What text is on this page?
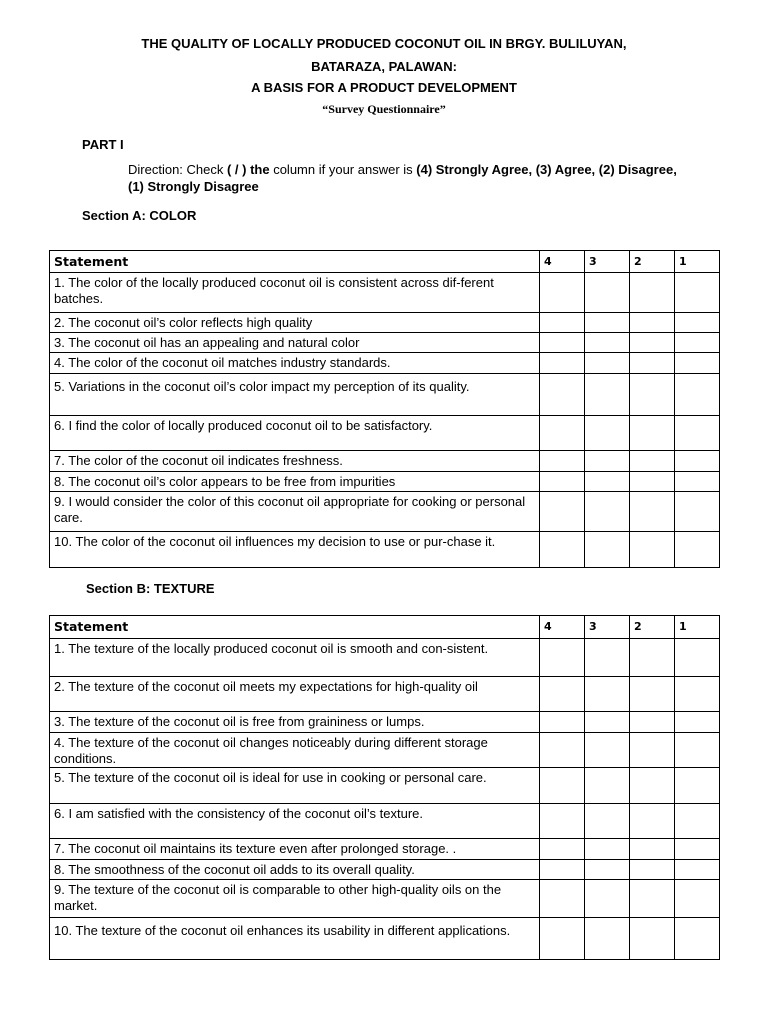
THE QUALITY OF LOCALLY PRODUCED COCONUT OIL IN BRGY. BULILUYAN,
BATARAZA, PALAWAN:
A BASIS FOR A PRODUCT DEVELOPMENT
“Survey Questionnaire”
PART I
Direction: Check ( / ) the column if your answer is (4) Strongly Agree, (3) Agree, (2) Disagree, (1) Strongly Disagree
Section A: COLOR
Statement	4	3	2	1
1. The color of the locally produced coconut oil is consistent across dif-ferent batches.				
2. The coconut oil’s color reflects high quality				
3. The coconut oil has an appealing and natural color				
4. The color of the coconut oil matches industry standards.				
5. Variations in the coconut oil’s color impact my perception of its quality.				
6. I find the color of locally produced coconut oil to be satisfactory.				
7. The color of the coconut oil indicates freshness.				
8. The coconut oil’s color appears to be free from impurities				
9. I would consider the color of this coconut oil appropriate for cooking or personal care.				
10. The color of the coconut oil influences my decision to use or pur-chase it.				
Section B: TEXTURE
Statement	4	3	2	1
1. The texture of the locally produced coconut oil is smooth and con-sistent.				
2. The texture of the coconut oil meets my expectations for high-quality oil				
3. The texture of the coconut oil is free from graininess or lumps.				
4. The texture of the coconut oil changes noticeably during different storage conditions.				
5. The texture of the coconut oil is ideal for use in cooking or personal care.				
6. I am satisfied with the consistency of the coconut oil’s texture.				
7. The coconut oil maintains its texture even after prolonged storage. .				
8. The smoothness of the coconut oil adds to its overall quality.				
9. The texture of the coconut oil is comparable to other high-quality oils on the market.				
10. The texture of the coconut oil enhances its usability in different applications.				
